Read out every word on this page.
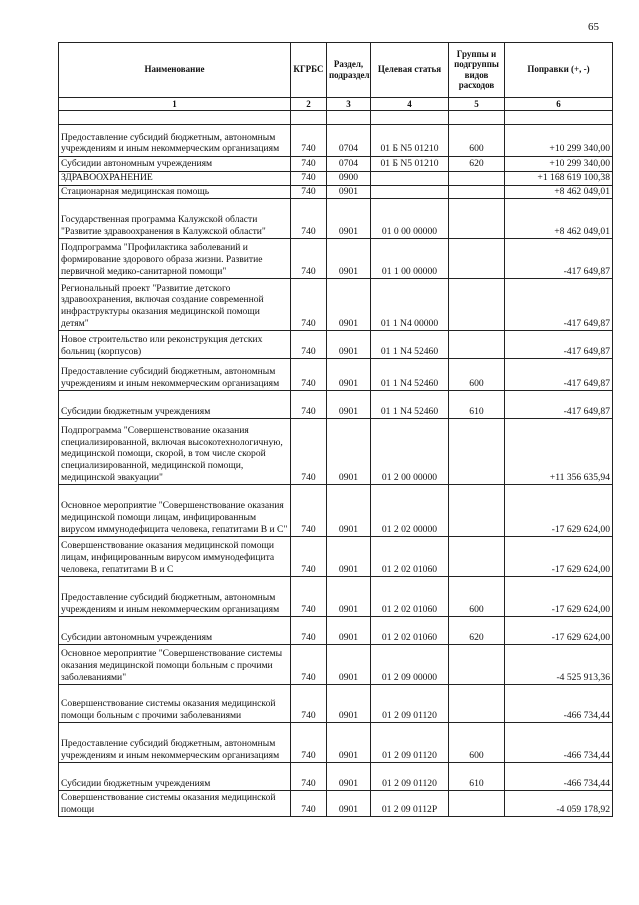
65
Наименование	КГРБС	Раздел, подраздел	Целевая статья	Группы и подгруппы видов расходов	Поправки (+, -)
1	2	3	4	5	6

Предоставление субсидий бюджетным, автономным учреждениям и иным некоммерческим организациям	740	0704	01 Б N5 01210	600	+10 299 340,00
Субсидии автономным учреждениям	740	0704	01 Б N5 01210	620	+10 299 340,00
ЗДРАВООХРАНЕНИЕ	740	0900			+1 168 619 100,38
Стационарная медицинская помощь	740	0901			+8 462 049,01
Государственная программа Калужской области "Развитие здравоохранения в Калужской области"	740	0901	01 0 00 00000		+8 462 049,01
Подпрограмма "Профилактика заболеваний и формирование здорового образа жизни. Развитие первичной медико-санитарной помощи"	740	0901	01 1 00 00000		-417 649,87
Региональный проект "Развитие детского здравоохранения, включая создание современной инфраструктуры оказания медицинской помощи детям"	740	0901	01 1 N4 00000		-417 649,87
Новое строительство или реконструкция детских больниц (корпусов)	740	0901	01 1 N4 52460		-417 649,87
Предоставление субсидий бюджетным, автономным учреждениям и иным некоммерческим организациям	740	0901	01 1 N4 52460	600	-417 649,87
Субсидии бюджетным учреждениям	740	0901	01 1 N4 52460	610	-417 649,87
Подпрограмма "Совершенствование оказания специализированной, включая высокотехнологичную, медицинской помощи, скорой, в том числе скорой специализированной, медицинской помощи, медицинской эвакуации"	740	0901	01 2 00 00000		+11 356 635,94
Основное мероприятие "Совершенствование оказания медицинской помощи лицам, инфицированным вирусом иммунодефицита человека, гепатитами В и С"	740	0901	01 2 02 00000		-17 629 624,00
Совершенствование оказания медицинской помощи лицам, инфицированным вирусом иммунодефицита человека, гепатитами В и С	740	0901	01 2 02 01060		-17 629 624,00
Предоставление субсидий бюджетным, автономным учреждениям и иным некоммерческим организациям	740	0901	01 2 02 01060	600	-17 629 624,00
Субсидии автономным учреждениям	740	0901	01 2 02 01060	620	-17 629 624,00
Основное мероприятие "Совершенствование системы оказания медицинской помощи больным с прочими заболеваниями"	740	0901	01 2 09 00000		-4 525 913,36
Совершенствование системы оказания медицинской помощи больным с прочими заболеваниями	740	0901	01 2 09 01120		-466 734,44
Предоставление субсидий бюджетным, автономным учреждениям и иным некоммерческим организациям	740	0901	01 2 09 01120	600	-466 734,44
Субсидии бюджетным учреждениям	740	0901	01 2 09 01120	610	-466 734,44
Совершенствование системы оказания медицинской помощи	740	0901	01 2 09 0112P		-4 059 178,92
